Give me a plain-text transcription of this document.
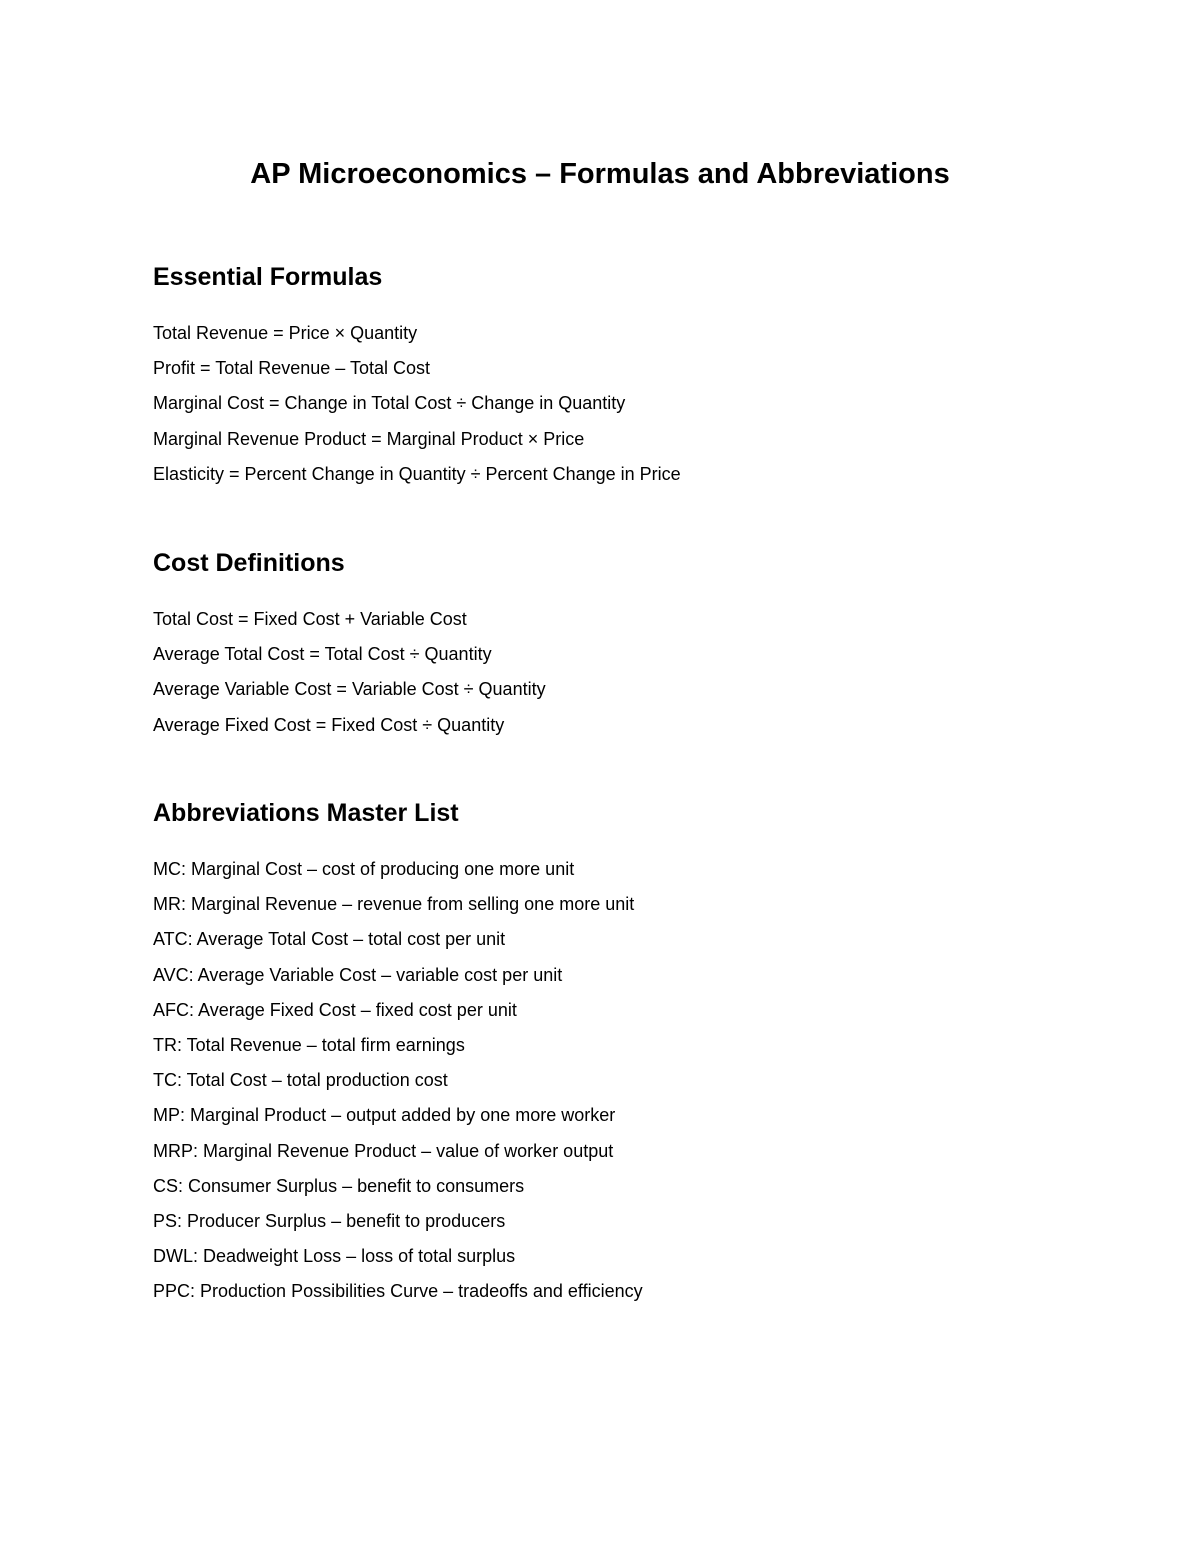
AP Microeconomics – Formulas and Abbreviations
Essential Formulas
Total Revenue = Price × Quantity
Profit = Total Revenue – Total Cost
Marginal Cost = Change in Total Cost ÷ Change in Quantity
Marginal Revenue Product = Marginal Product × Price
Elasticity = Percent Change in Quantity ÷ Percent Change in Price
Cost Definitions
Total Cost = Fixed Cost + Variable Cost
Average Total Cost = Total Cost ÷ Quantity
Average Variable Cost = Variable Cost ÷ Quantity
Average Fixed Cost = Fixed Cost ÷ Quantity
Abbreviations Master List
MC: Marginal Cost – cost of producing one more unit
MR: Marginal Revenue – revenue from selling one more unit
ATC: Average Total Cost – total cost per unit
AVC: Average Variable Cost – variable cost per unit
AFC: Average Fixed Cost – fixed cost per unit
TR: Total Revenue – total firm earnings
TC: Total Cost – total production cost
MP: Marginal Product – output added by one more worker
MRP: Marginal Revenue Product – value of worker output
CS: Consumer Surplus – benefit to consumers
PS: Producer Surplus – benefit to producers
DWL: Deadweight Loss – loss of total surplus
PPC: Production Possibilities Curve – tradeoffs and efficiency
